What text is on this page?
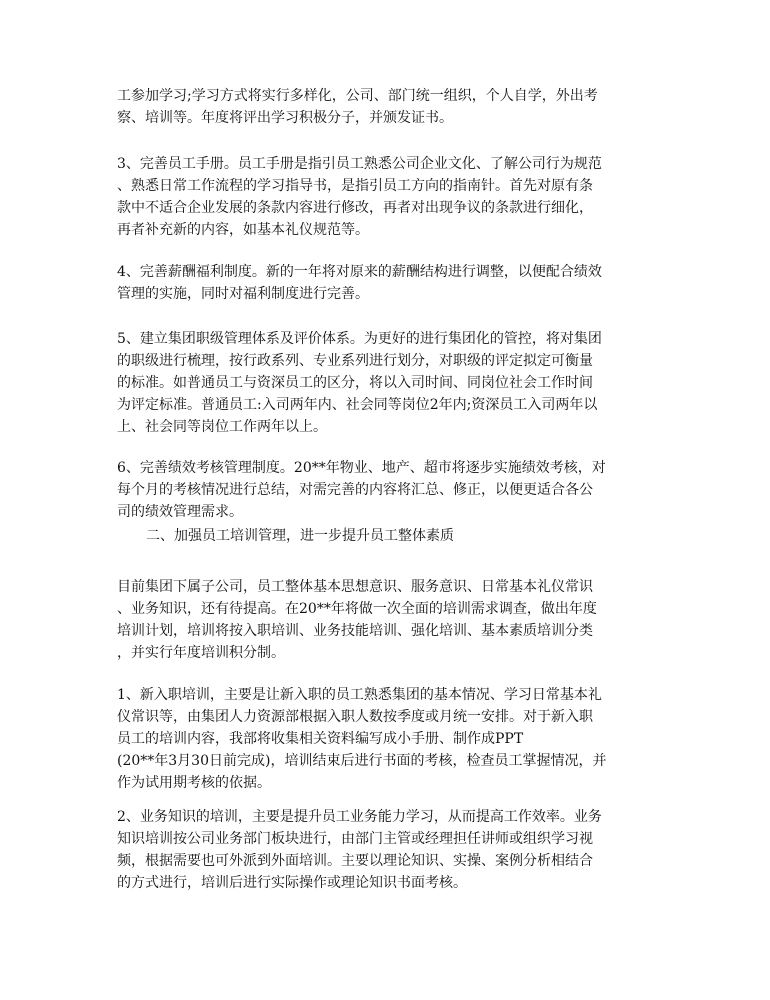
工参加学习;学习方式将实行多样化，公司、部门统一组织，个人自学，外出考
察、培训等。年度将评出学习积极分子，并颁发证书。
3、完善员工手册。员工手册是指引员工熟悉公司企业文化、了解公司行为规范
、熟悉日常工作流程的学习指导书，是指引员工方向的指南针。首先对原有条
款中不适合企业发展的条款内容进行修改，再者对出现争议的条款进行细化，
再者补充新的内容，如基本礼仪规范等。
4、完善薪酬福利制度。新的一年将对原来的薪酬结构进行调整，以便配合绩效
管理的实施，同时对福利制度进行完善。
5、建立集团职级管理体系及评价体系。为更好的进行集团化的管控，将对集团
的职级进行梳理，按行政系列、专业系列进行划分，对职级的评定拟定可衡量
的标准。如普通员工与资深员工的区分，将以入司时间、同岗位社会工作时间
为评定标准。普通员工:入司两年内、社会同等岗位2年内;资深员工入司两年以
上、社会同等岗位工作两年以上。
6、完善绩效考核管理制度。20**年物业、地产、超市将逐步实施绩效考核，对
每个月的考核情况进行总结，对需完善的内容将汇总、修正，以便更适合各公
司的绩效管理需求。
二、加强员工培训管理，进一步提升员工整体素质
目前集团下属子公司，员工整体基本思想意识、服务意识、日常基本礼仪常识
、业务知识，还有待提高。在20**年将做一次全面的培训需求调查，做出年度
培训计划，培训将按入职培训、业务技能培训、强化培训、基本素质培训分类
，并实行年度培训积分制。
1、新入职培训，主要是让新入职的员工熟悉集团的基本情况、学习日常基本礼
仪常识等，由集团人力资源部根据入职人数按季度或月统一安排。对于新入职
员工的培训内容，我部将收集相关资料编写成小手册、制作成PPT
(20**年3月30日前完成)，培训结束后进行书面的考核，检查员工掌握情况，并
作为试用期考核的依据。
2、业务知识的培训，主要是提升员工业务能力学习，从而提高工作效率。业务
知识培训按公司业务部门板块进行，由部门主管或经理担任讲师或组织学习视
频，根据需要也可外派到外面培训。主要以理论知识、实操、案例分析相结合
的方式进行，培训后进行实际操作或理论知识书面考核。
